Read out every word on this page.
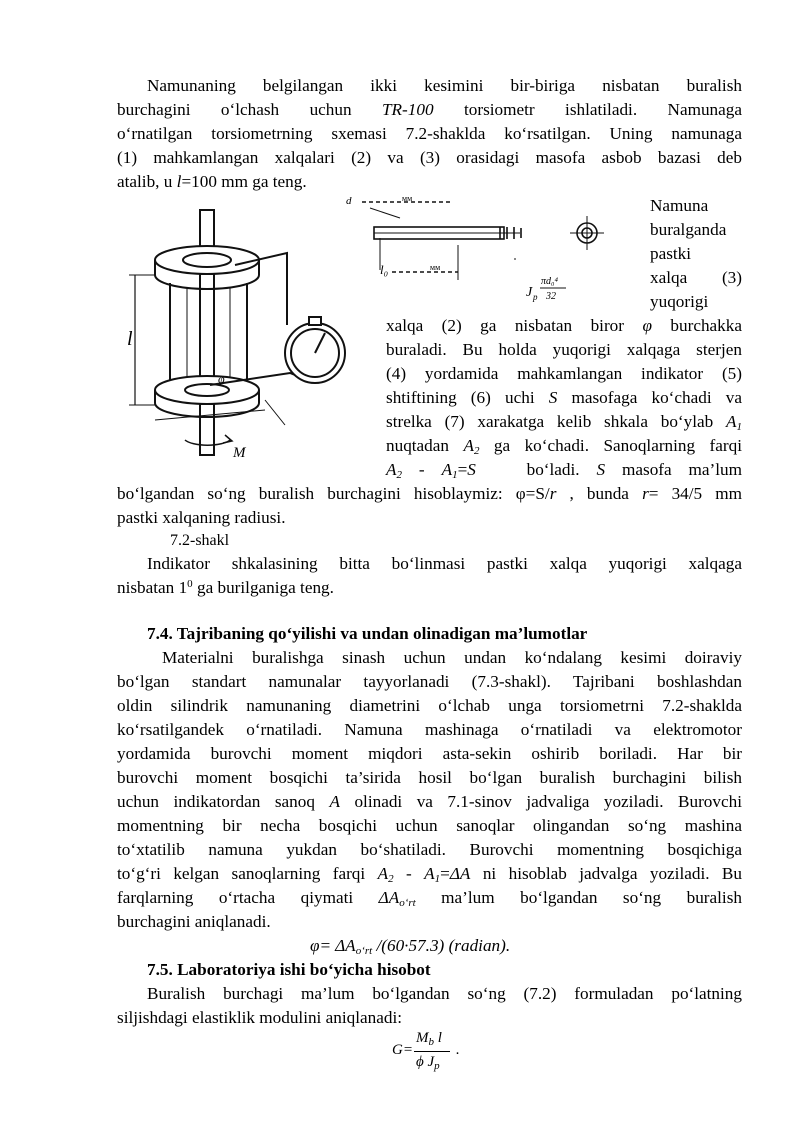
Namunaning belgilangan ikki kesimini bir-biriga nisbatan buralish
burchagini o‘lchash uchun TR-100 torsiometr ishlatiladi. Namunaga
o‘rnatilgan torsiometrning sxemasi 7.2-shaklda ko‘rsatilgan. Uning namunaga
(1) mahkamlangan xalqalari (2) va (3) orasidagi masofa asbob bazasi deb
atalib, u l=100 mm ga teng.
Namuna
buralganda
pastki
xalqa (3)
yuqorigi
xalqa (2) ga nisbatan biror φ burchakka
buraladi. Bu holda yuqorigi xalqaga sterjen
(4) yordamida mahkamlangan indikator (5)
shtiftining (6) uchi S masofaga ko‘chadi va
strelka (7) xarakatga kelib shkala bo‘ylab $A_1$
nuqtadan $A_2$ ga ko‘chadi. Sanoqlarning farqi
$A_2 - A_1=S$   bo‘ladi. S masofa ma’lum
bo‘lgandan so‘ng buralish burchagini hisoblaymiz: φ=S/r , bunda r= 34/5 mm
pastki xalqaning radiusi.
7.2-shakl
Indikator shkalasining bitta bo‘linmasi pastki xalqa yuqorigi xalqaga
nisbatan $1^0$ ga burilganiga teng.
7.4. Tajribaning qo‘yilishi va undan olinadigan ma’lumotlar
Materialni buralishga sinash uchun undan ko‘ndalang kesimi doiraviy
bo‘lgan standart namunalar tayyorlanadi (7.3-shakl). Tajribani boshlashdan
oldin silindrik namunaning diametrini o‘lchab unga torsiometrni 7.2-shaklda
ko‘rsatilgandek o‘rnatiladi. Namuna mashinaga o‘rnatiladi va elektromotor
yordamida burovchi moment miqdori asta-sekin oshirib boriladi. Har bir
burovchi moment bosqichi ta’sirida hosil bo‘lgan buralish burchagini bilish
uchun indikatordan sanoq A olinadi va 7.1-sinov jadvaliga yoziladi. Burovchi
momentning bir necha bosqichi uchun sanoqlar olingandan so‘ng mashina
to‘xtatilib namuna yukdan bo‘shatiladi. Burovchi momentning bosqichiga
to‘g‘ri kelgan sanoqlarning farqi $A_2 - A_1=\Delta A$ ni hisoblab jadvalga yoziladi. Bu
farqlarning o‘rtacha qiymati $\Delta A_{o‘rt}$ ma’lum bo‘lgandan so‘ng buralish
burchagini aniqlanadi.
$\varphi= \Delta A_{o‘rt}$ /(60·57.3) (radian).
7.5. Laboratoriya ishi bo‘yicha hisobot
Buralish burchagi ma’lum bo‘lgandan so‘ng (7.2) formuladan po‘latning
siljishdagi elastiklik modulini aniqlanadi:
G=
$M_b$ l
ϕ $J_p$
.
l
M
φ
d	мм
l₀	мм
J p
πd₀⁴
32
